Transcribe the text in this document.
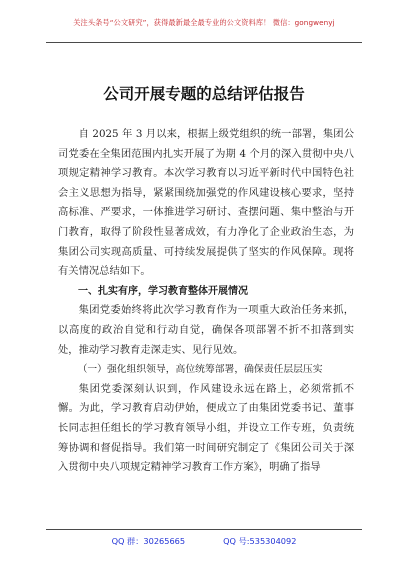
关注头条号“公文研究”，获得最新最全最专业的公文资料库！ 微信：gongwenyj
公司开展专题的总结评估报告

自 2025 年 3 月以来，根据上级党组织的统一部署，集团公司党委在全集团范围内扎实开展了为期 4 个月的深入贯彻中央八项规定精神学习教育。本次学习教育以习近平新时代中国特色社会主义思想为指导，紧紧围绕加强党的作风建设核心要求，坚持高标准、严要求，一体推进学习研讨、查摆问题、集中整治与开门教育，取得了阶段性显著成效，有力净化了企业政治生态，为集团公司实现高质量、可持续发展提供了坚实的作风保障。现将有关情况总结如下。

一、扎实有序，学习教育整体开展情况

集团党委始终将此次学习教育作为一项重大政治任务来抓，以高度的政治自觉和行动自觉，确保各项部署不折不扣落到实处，推动学习教育走深走实、见行见效。

（一）强化组织领导，高位统筹部署，确保责任层层压实

集团党委深刻认识到，作风建设永远在路上，必须常抓不懈。为此，学习教育启动伊始，便成立了由集团党委书记、董事长同志担任组长的学习教育领导小组，并设立工作专班，负责统筹协调和督促指导。我们第一时间研究制定了《集团公司关于深入贯彻中央八项规定精神学习教育工作方案》，明确了指导

QQ 群：30265665	QQ 号:535304092
